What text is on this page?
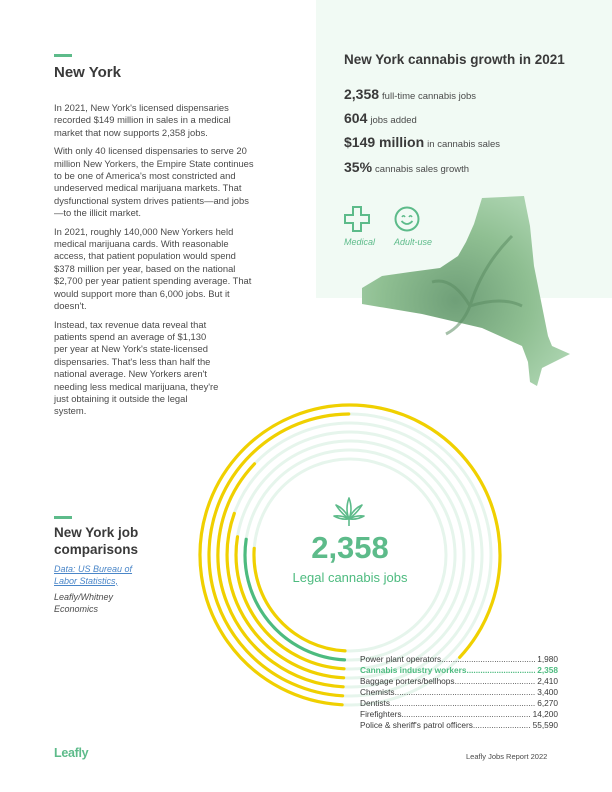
New York

In 2021, New York's licensed dispensaries recorded $149 million in sales in a medical market that now supports 2,358 jobs.

With only 40 licensed dispensaries to serve 20 million New Yorkers, the Empire State continues to be one of America's most constricted and undeserved medical marijuana markets. That dysfunctional system drives patients—and jobs—to the illicit market.

In 2021, roughly 140,000 New Yorkers held medical marijuana cards. With reasonable access, that patient population would spend $378 million per year, based on the national $2,700 per year patient spending average. That would support more than 6,000 jobs. But it doesn't.

Instead, tax revenue data reveal that patients spend an average of $1,130 per year at New York's state-licensed dispensaries. That's less than half the national average. New Yorkers aren't needing less medical marijuana, they're just obtaining it outside the legal system.

New York cannabis growth in 2021
2,358 full-time cannabis jobs
604 jobs added
$149 million in cannabis sales
35% cannabis sales growth
Medical Adult-use
New York job comparisons
Data: US Bureau of Labor Statistics,
Leafly/Whitney Economics
2,358
Legal cannabis jobs
Power plant operators .....	1,980
Cannabis industry workers .....	2,358
Baggage porters/bellhops .....	2,410
Chemists .....	3,400
Dentists .....	6,270
Firefighters .....	14,200
Police & sheriff's patrol officers .....	55,590
Leafly	Leafly Jobs Report 2022
